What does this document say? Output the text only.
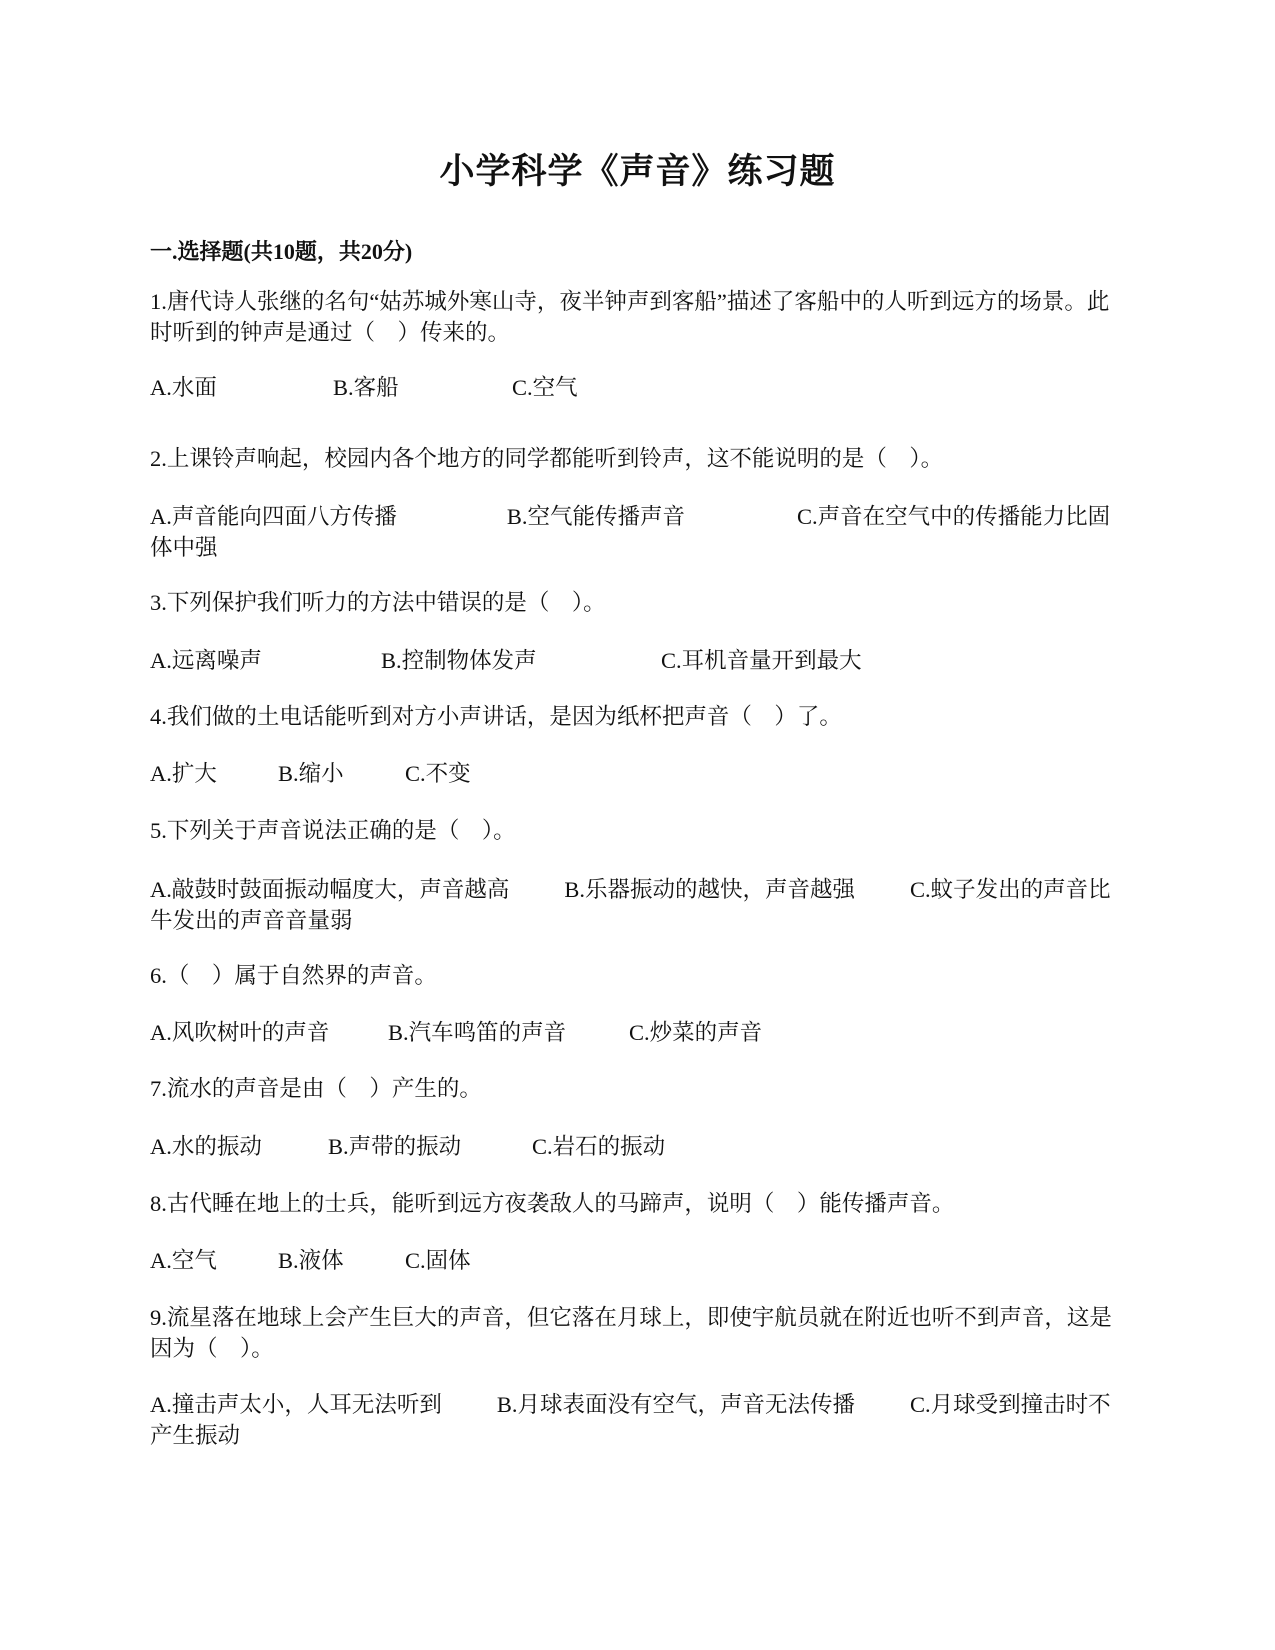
小学科学《声音》练习题
一.选择题(共10题，共20分)
1.唐代诗人张继的名句“姑苏城外寒山寺，夜半钟声到客船”描述了客船中的人听到远方的场景。此时听到的钟声是通过（　）传来的。
A.水面	B.客船	C.空气
2.上课铃声响起，校园内各个地方的同学都能听到铃声，这不能说明的是（　）。
A.声音能向四面八方传播	B.空气能传播声音	C.声音在空气中的传播能力比固体中强
3.下列保护我们听力的方法中错误的是（　）。
A.远离噪声	B.控制物体发声	C.耳机音量开到最大
4.我们做的土电话能听到对方小声讲话，是因为纸杯把声音（　）了。
A.扩大	B.缩小	C.不变
5.下列关于声音说法正确的是（　）。
A.敲鼓时鼓面振动幅度大，声音越高 B.乐器振动的越快，声音越强 C.蚊子发出的声音比牛发出的声音音量弱
6.（　）属于自然界的声音。
A.风吹树叶的声音	B.汽车鸣笛的声音	C.炒菜的声音
7.流水的声音是由（　）产生的。
A.水的振动	B.声带的振动	C.岩石的振动
8.古代睡在地上的士兵，能听到远方夜袭敌人的马蹄声，说明（　）能传播声音。
A.空气	B.液体	C.固体
9.流星落在地球上会产生巨大的声音，但它落在月球上，即使宇航员就在附近也听不到声音，这是因为（　）。
A.撞击声太小，人耳无法听到 B.月球表面没有空气，声音无法传播 C.月球受到撞击时不产生振动
